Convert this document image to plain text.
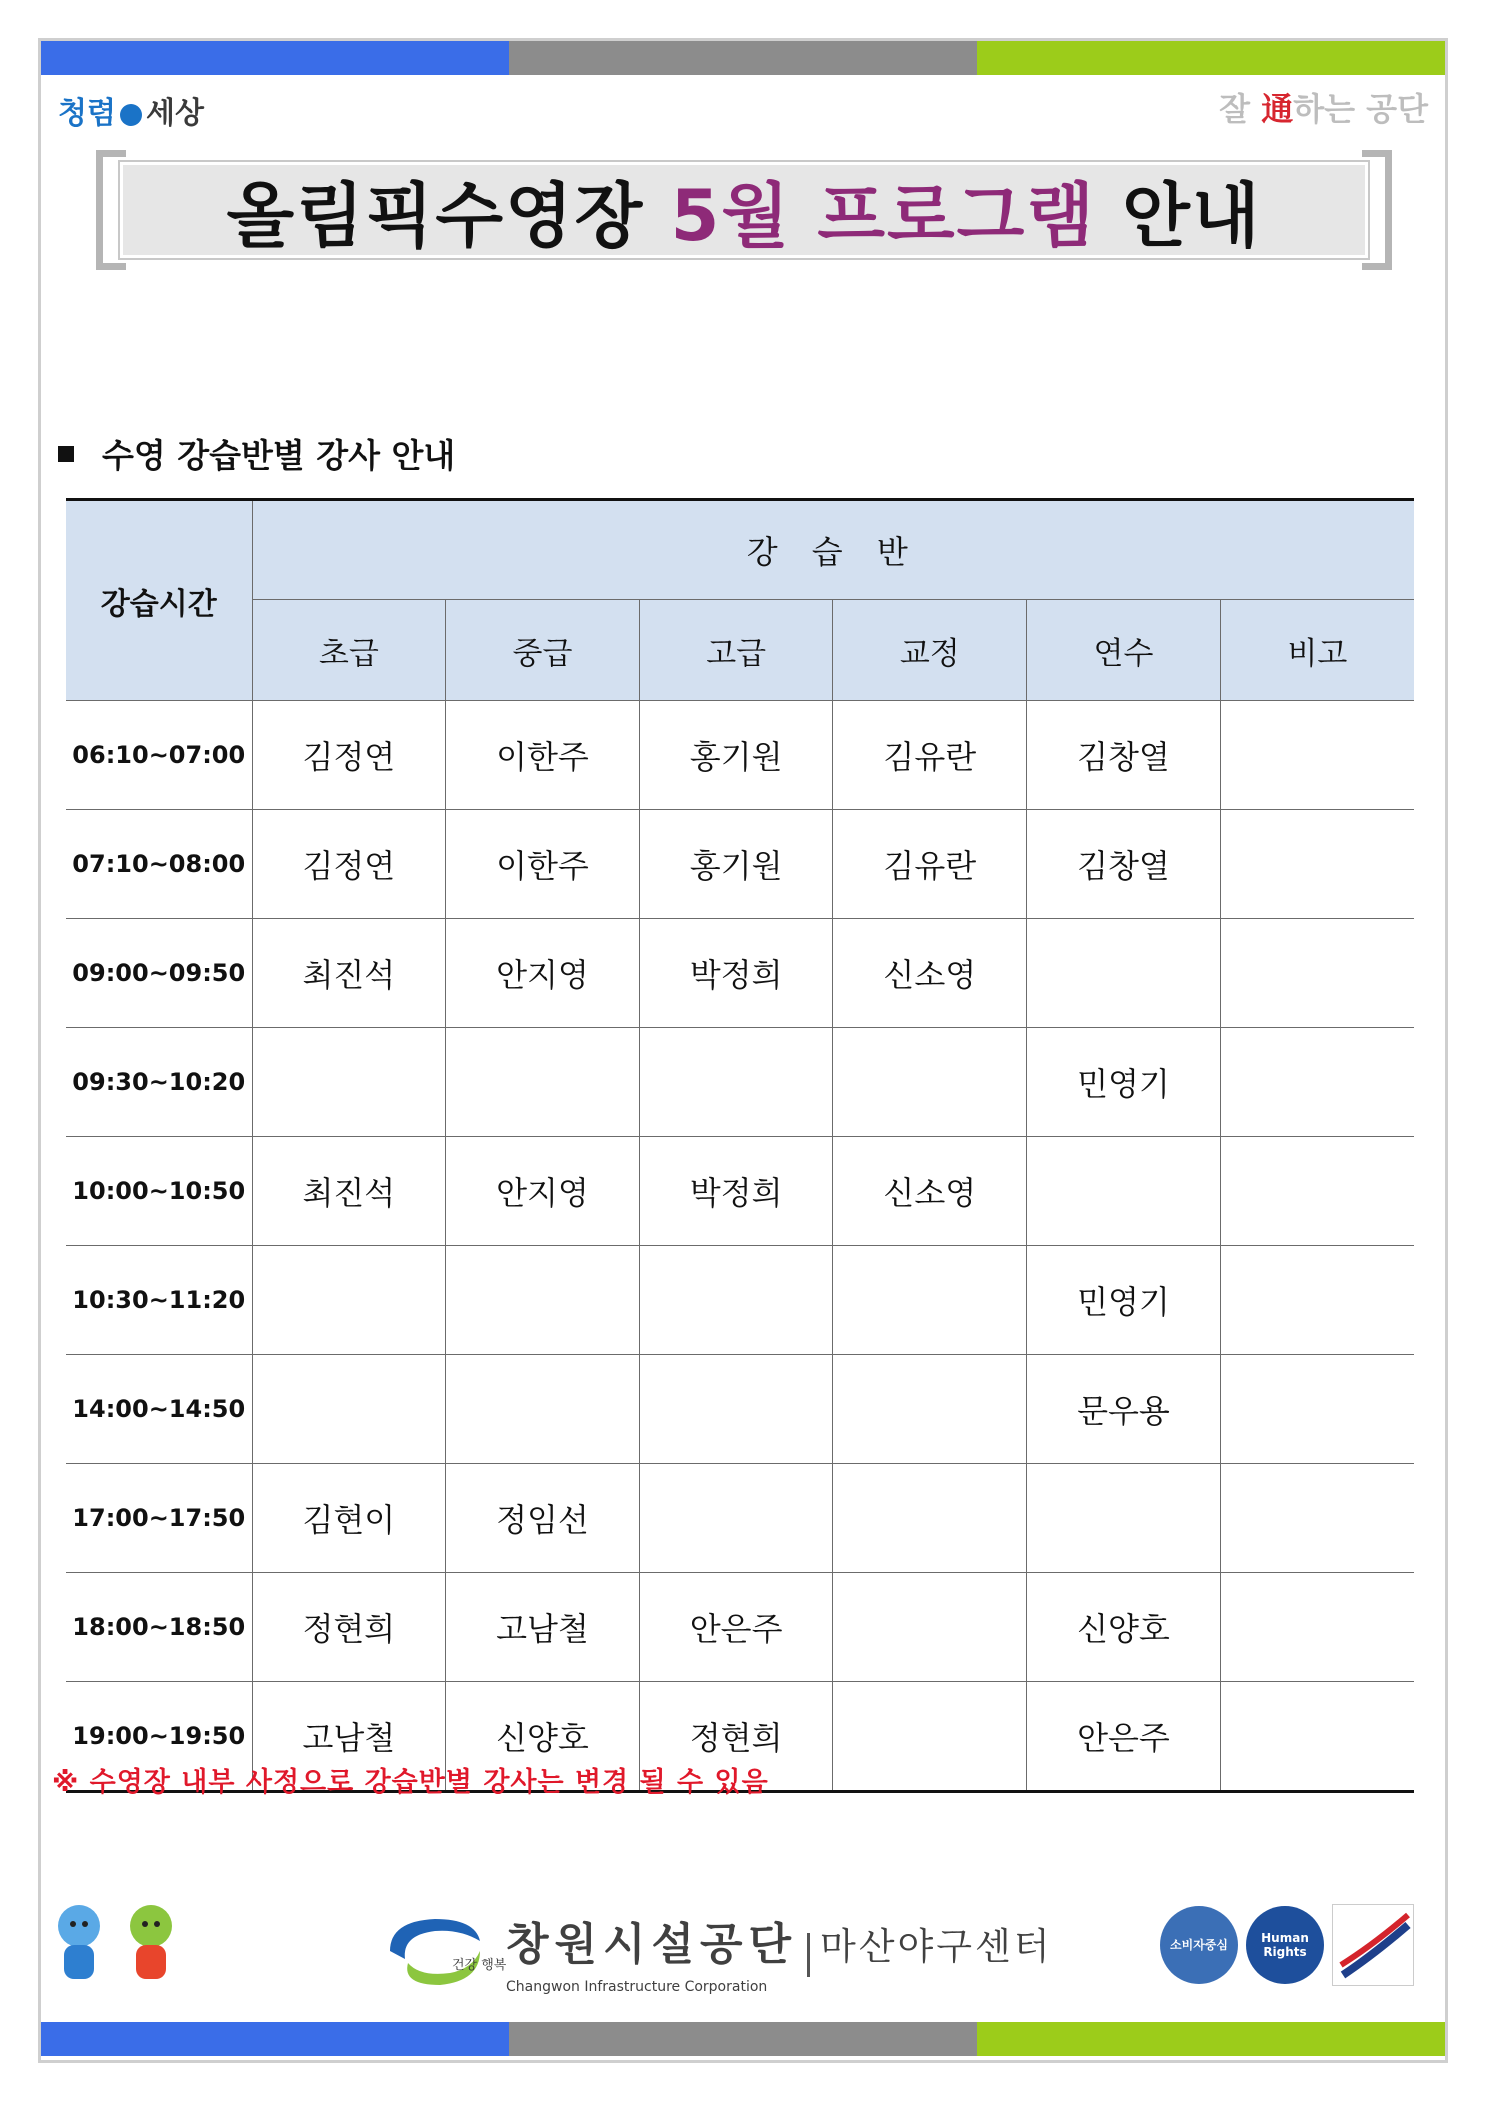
청렴 세상	잘 通하는 공단
올림픽수영장 5월 프로그램 안내
수영 강습반별 강사 안내
강습시간	강 습 반					
	초급	중급	고급	교정	연수	비고
06:10~07:00	김정연	이한주	홍기원	김유란	김창열	
07:10~08:00	김정연	이한주	홍기원	김유란	김창열	
09:00~09:50	최진석	안지영	박정희	신소영		
09:30~10:20					민영기	
10:00~10:50	최진석	안지영	박정희	신소영		
10:30~11:20					민영기	
14:00~14:50					문우용	
17:00~17:50	김현이	정임선				
18:00~18:50	정현희	고남철	안은주		신양호	
19:00~19:50	고남철	신양호	정현희		안은주	
※ 수영장 내부 사정으로 강습반별 강사는 변경 될 수 있음
건강 행복 창원시설공단 마산야구센터
Changwon Infrastructure Corporation
소비자중심
Human Rights
